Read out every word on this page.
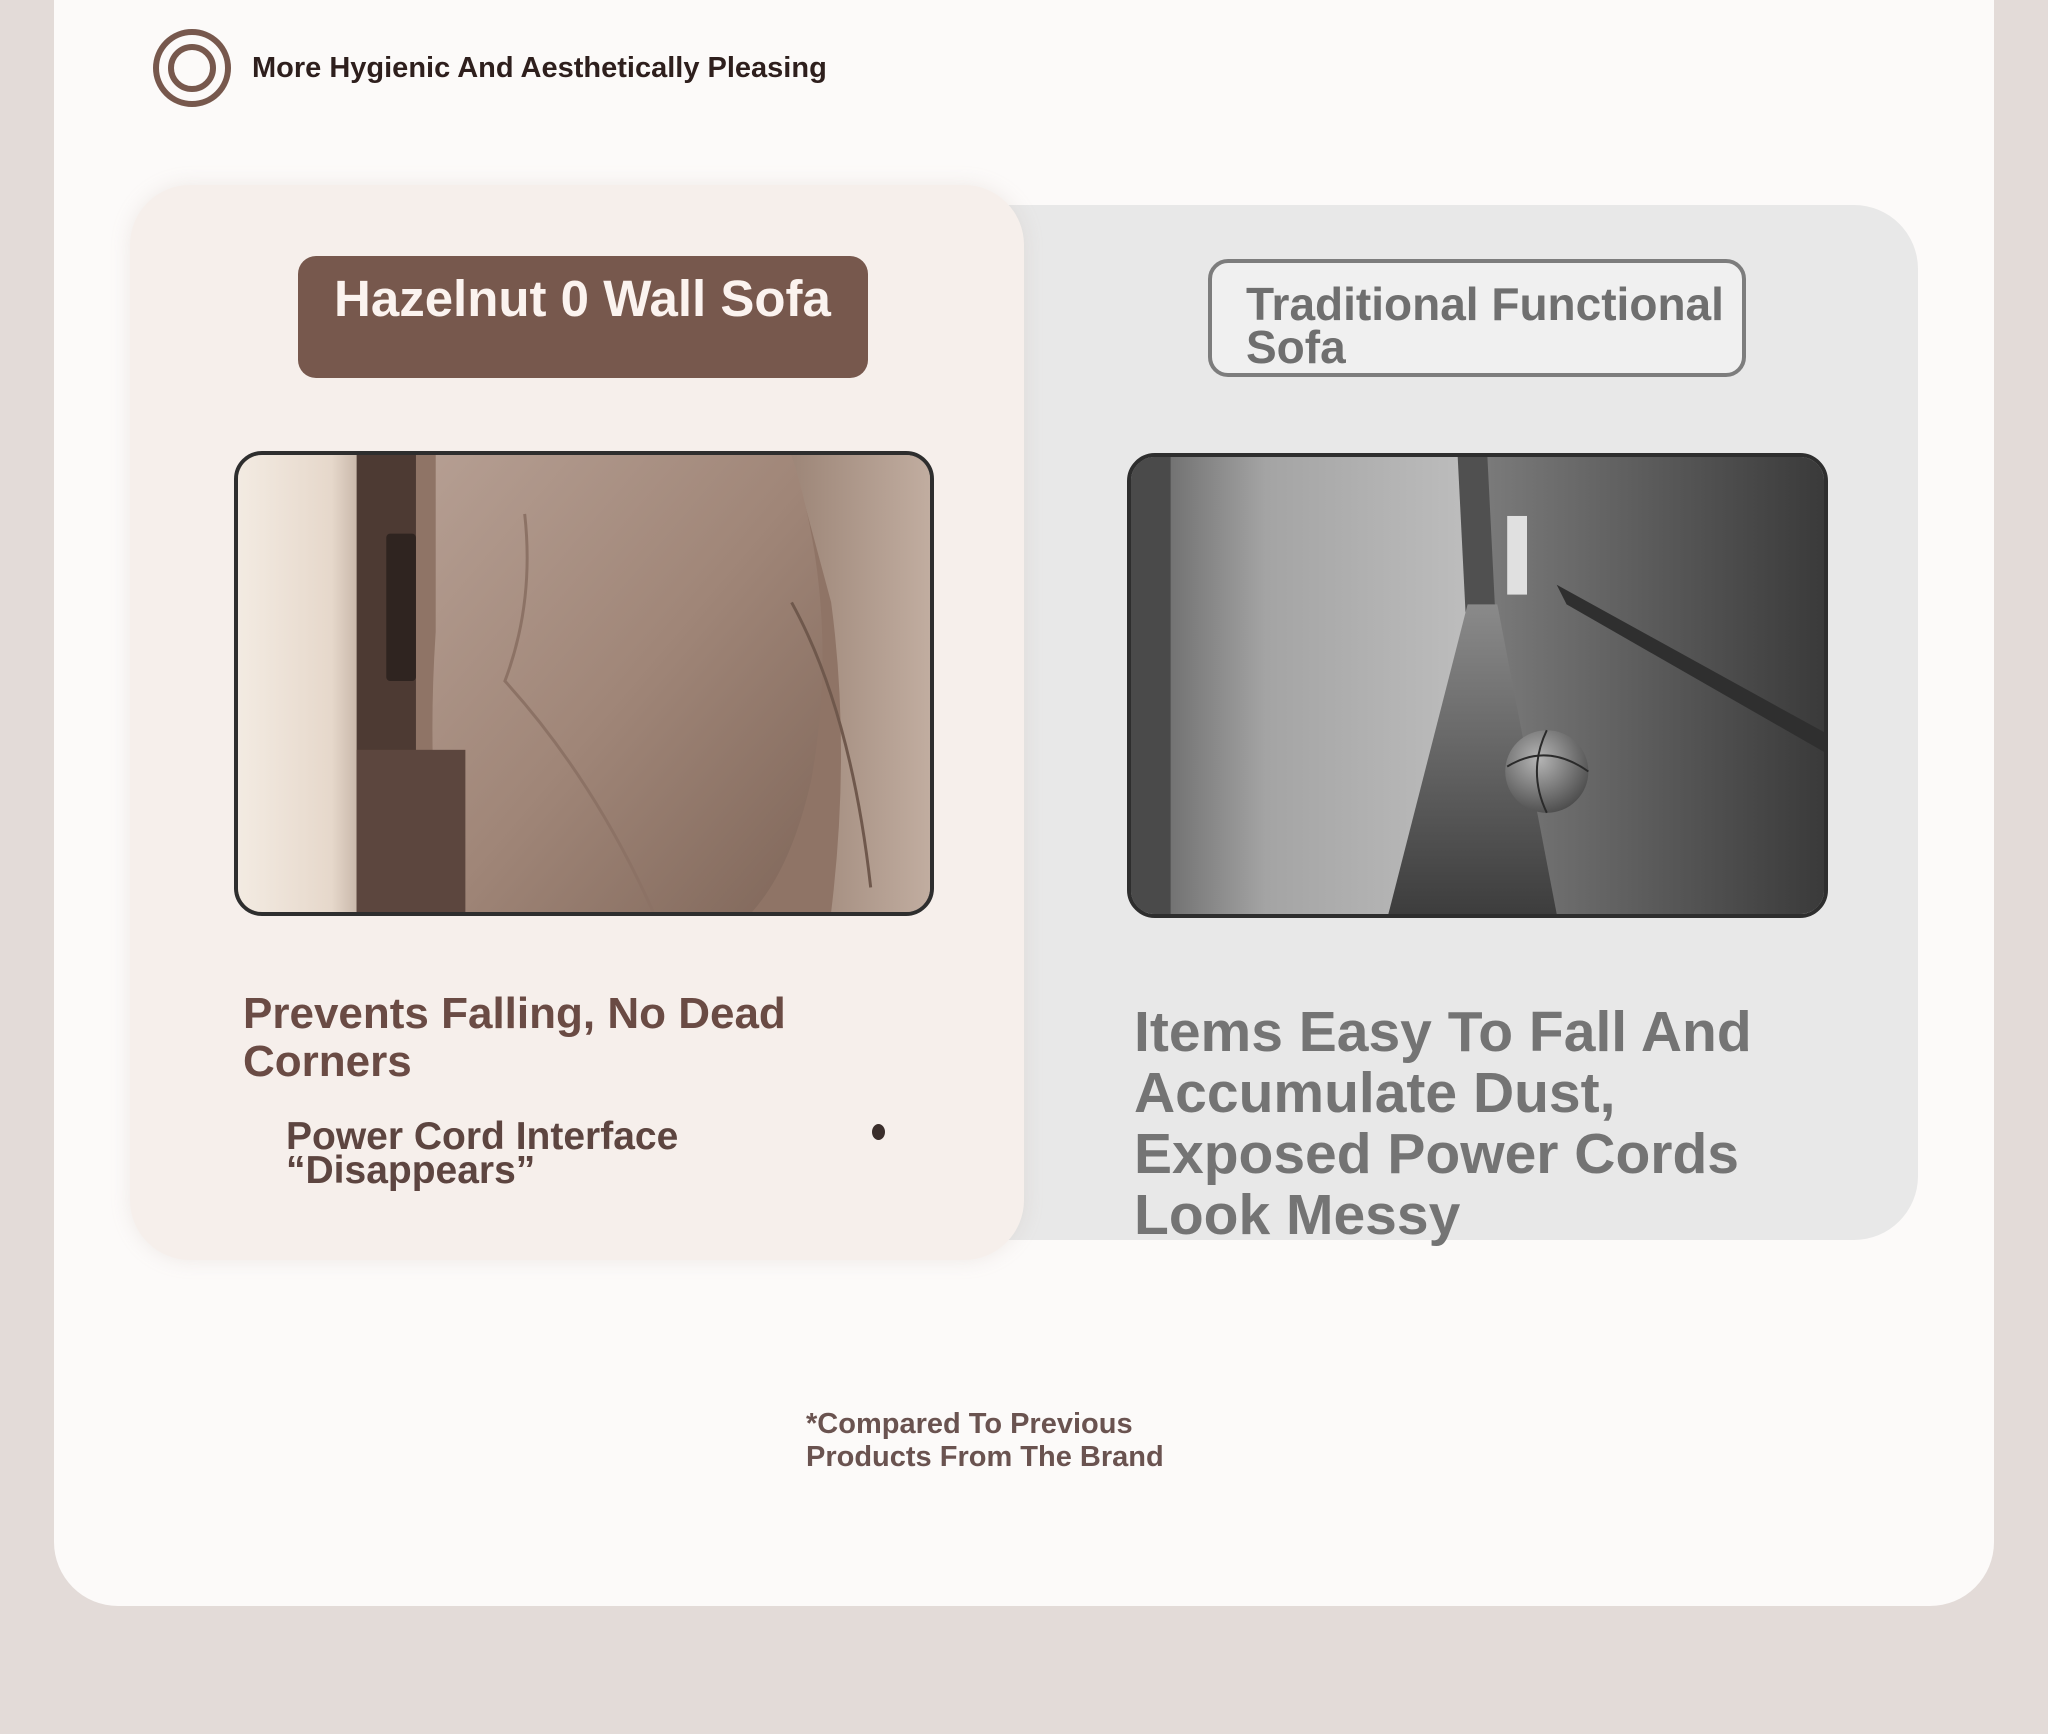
More Hygienic And Aesthetically Pleasing
Hazelnut 0 Wall Sofa	Traditional Functional Sofa
Prevents Falling, No Dead Corners
Power Cord Interface “Disappears”
Items Easy To Fall And Accumulate Dust, Exposed Power Cords Look Messy
*Compared To Previous Products From The Brand
